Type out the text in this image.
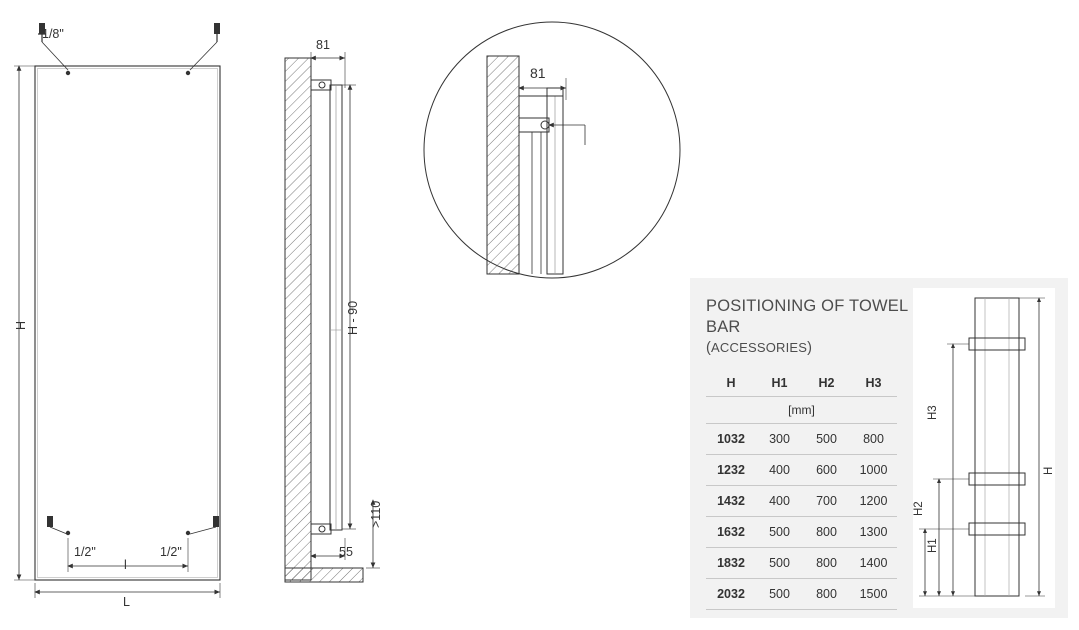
1/8"
H
1/2"	1/2"
l
L
81
H - 90
>110
55
81
POSITIONING OF TOWEL BAR
(ACCESSORIES)
H	H1	H2	H3
[mm]			
1032	300	500	800
1232	400	600	1000
1432	400	700	1200
1632	500	800	1300
1832	500	800	1400
2032	500	800	1500
H3
H2
H1
H
